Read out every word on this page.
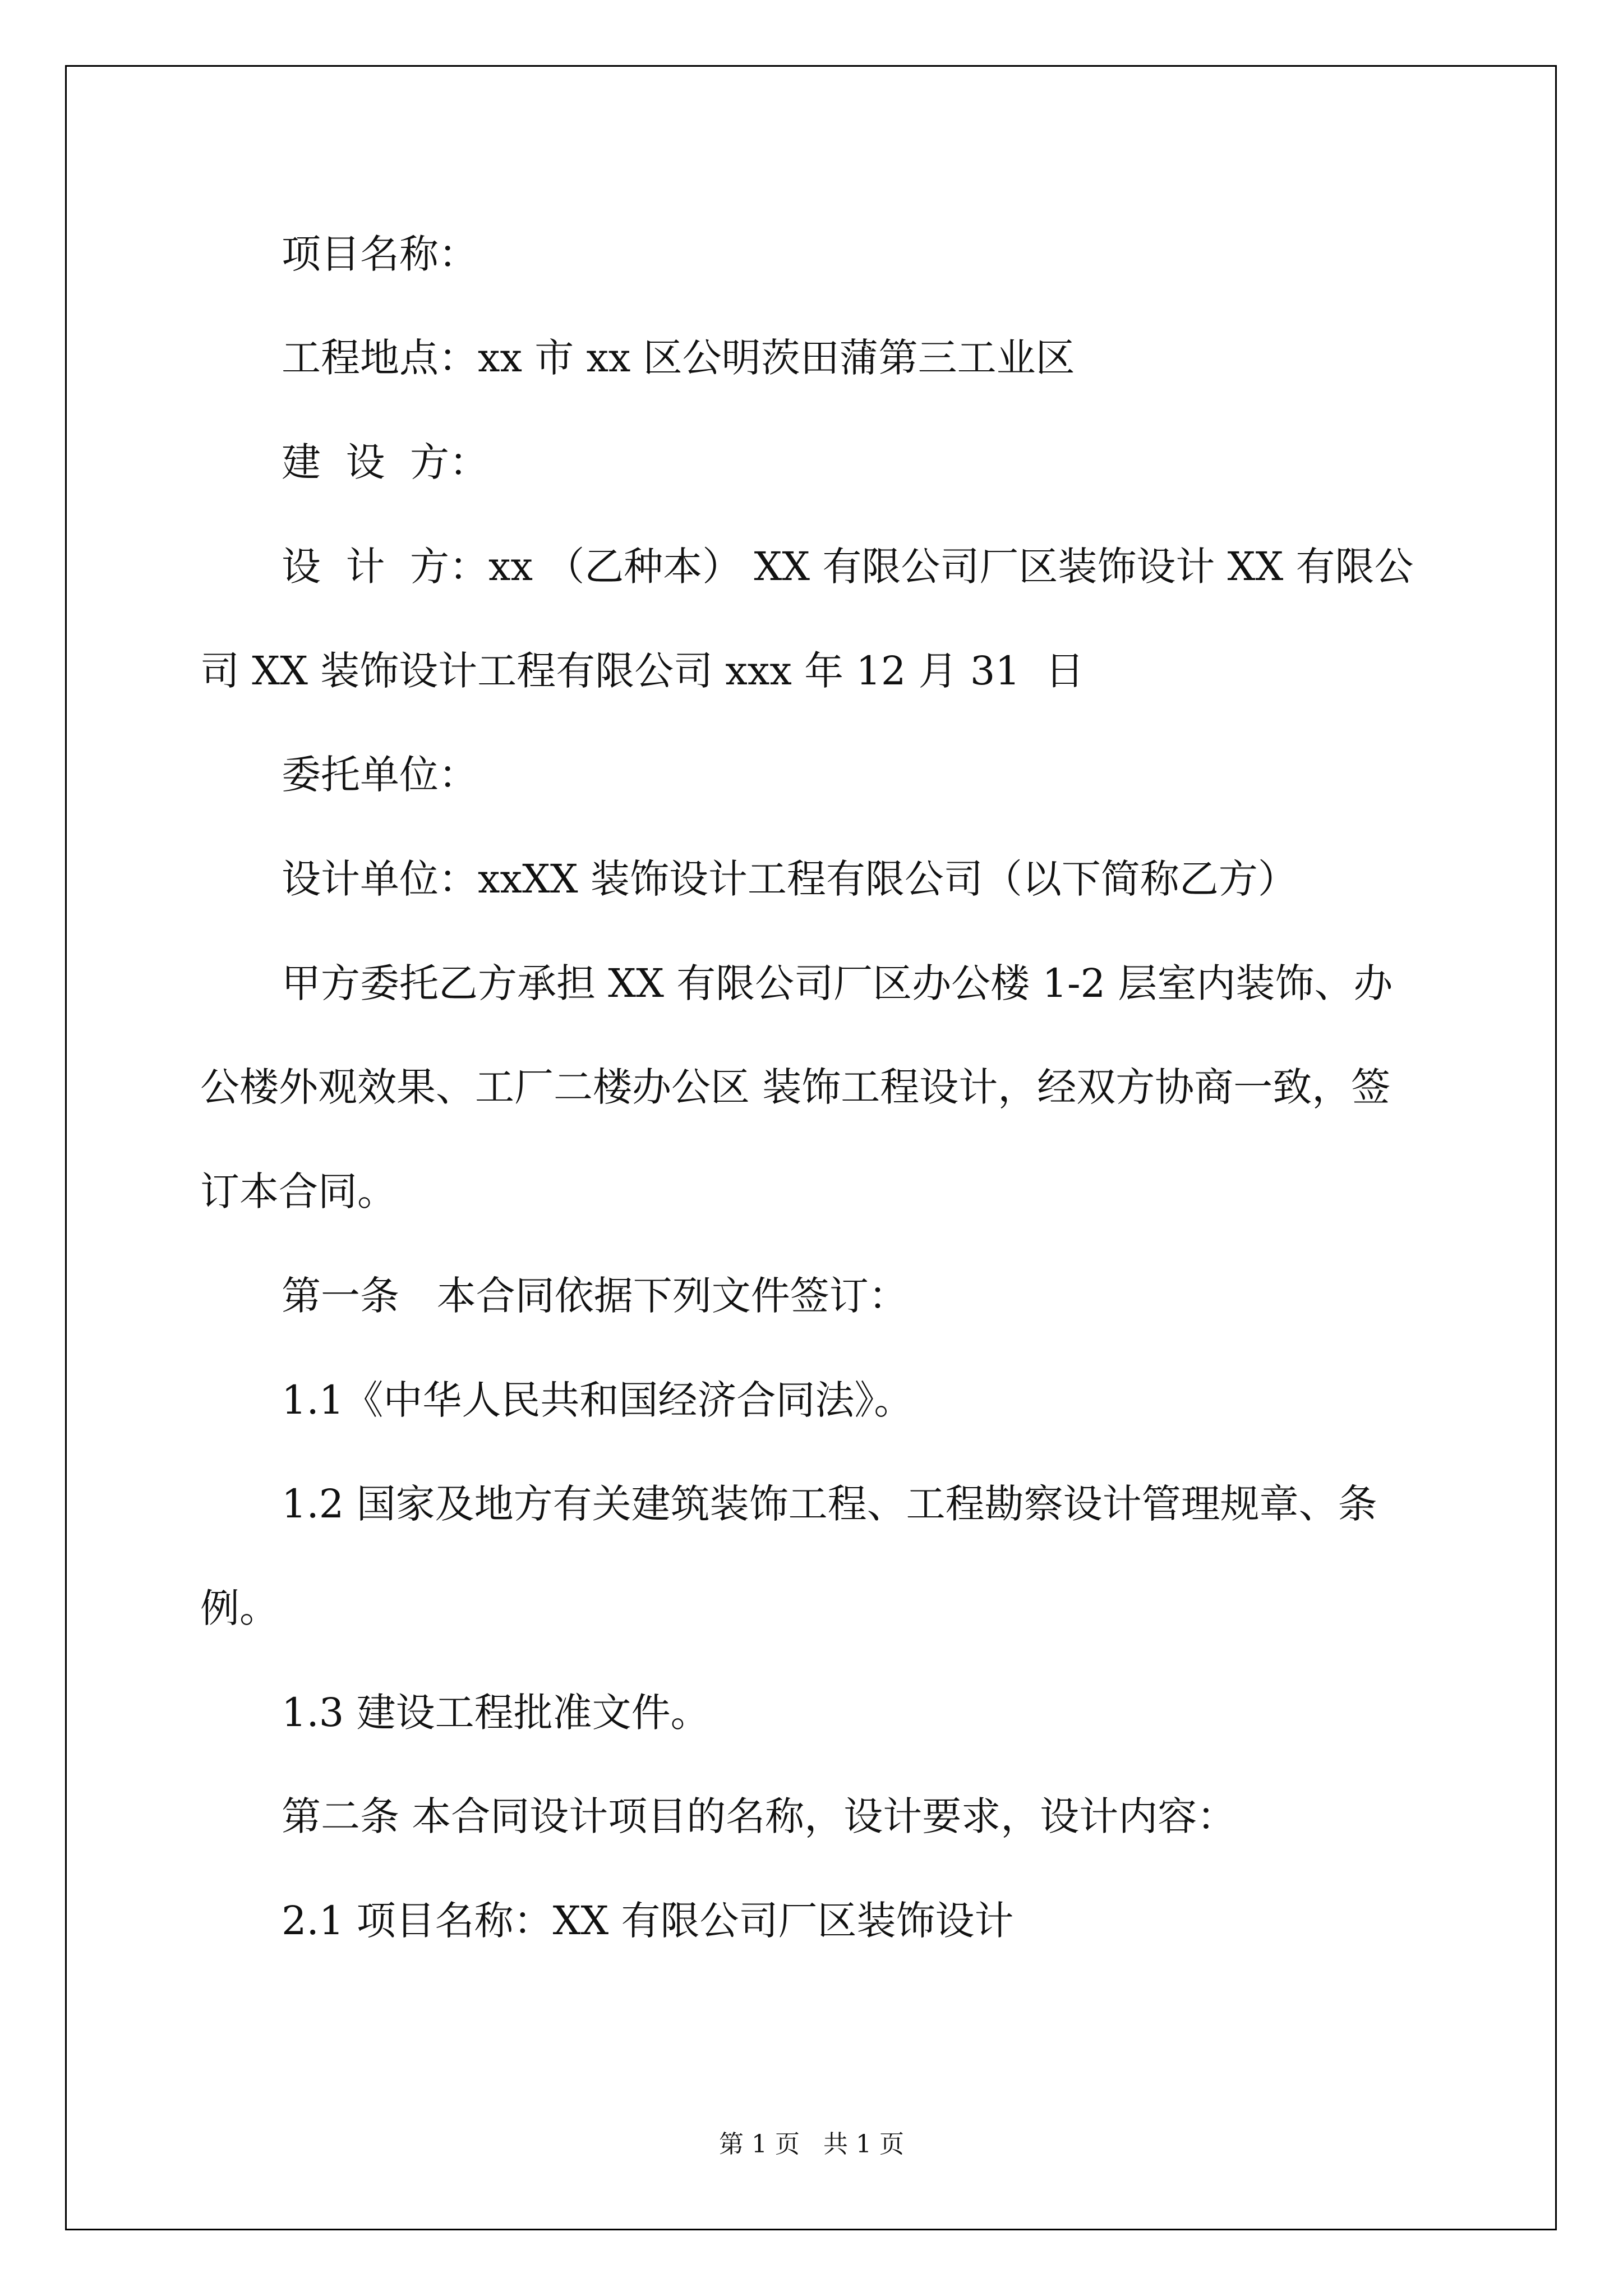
项目名称：
工程地点：xx 市 xx 区公明茨田蒲第三工业区
建  设  方：
设  计  方：xx （乙种本） XX 有限公司厂区装饰设计 XX 有限公
司 XX 装饰设计工程有限公司 xxx 年 12 月 31  日
委托单位：
设计单位：xxXX 装饰设计工程有限公司（以下简称乙方）
甲方委托乙方承担 XX 有限公司厂区办公楼 1-2 层室内装饰、办
公楼外观效果、工厂二楼办公区 装饰工程设计，经双方协商一致，签
订本合同。
第一条   本合同依据下列文件签订：
1.1《中华人民共和国经济合同法》。
1.2 国家及地方有关建筑装饰工程、工程勘察设计管理规章、条
例。
1.3 建设工程批准文件。
第二条 本合同设计项目的名称，设计要求，设计内容：
2.1 项目名称：XX 有限公司厂区装饰设计
第 1 页   共 1 页
